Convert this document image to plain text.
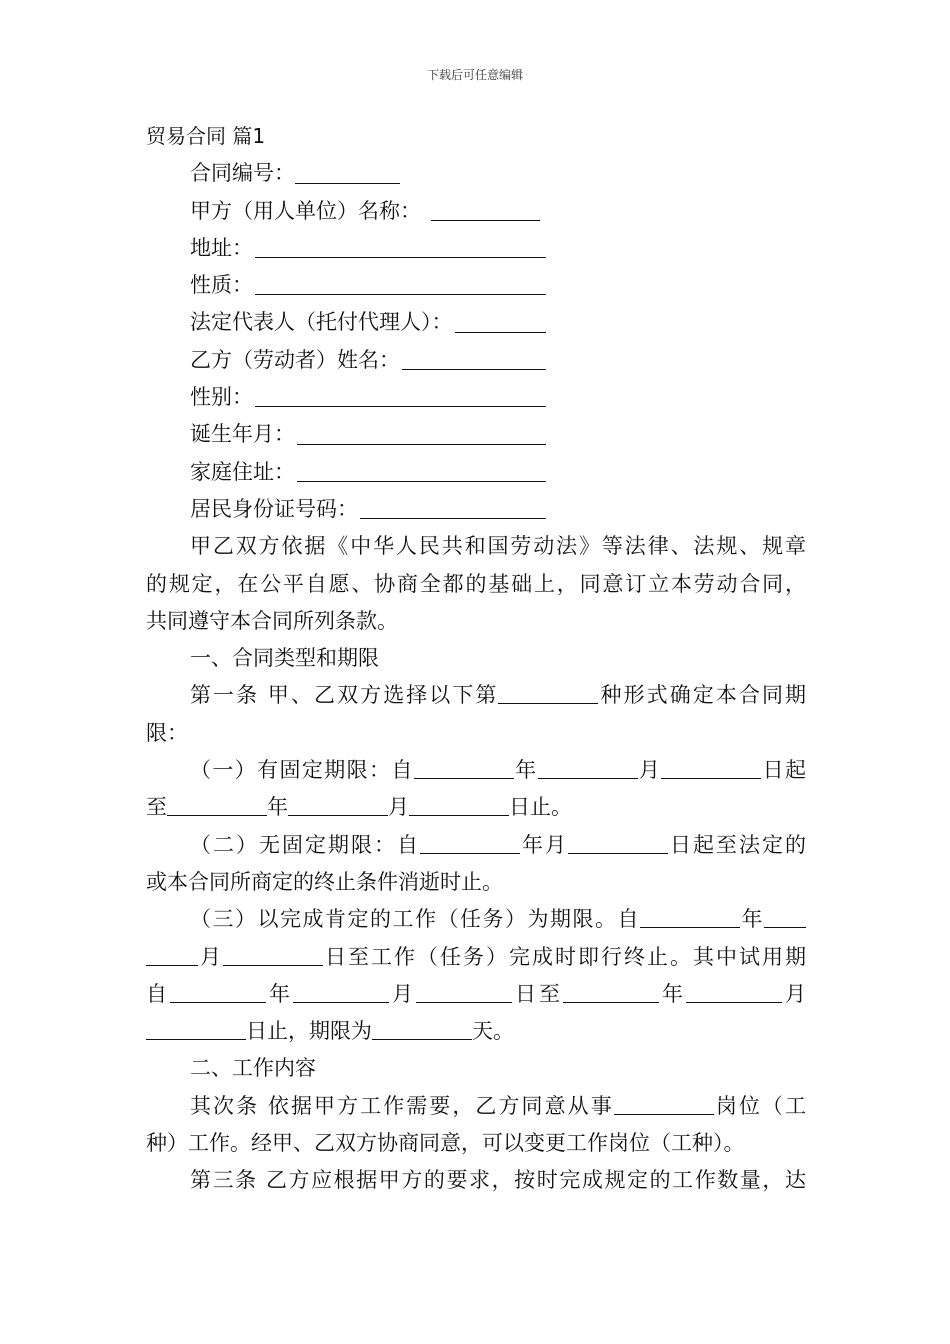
下载后可任意编辑
贸易合同 篇1
合同编号：
甲方（用人单位）名称：
地址：
性质：
法定代表人（托付代理人）：
乙方（劳动者）姓名：
性别：
诞生年月：
家庭住址：
居民身份证号码：
甲乙双方依据《中华人民共和国劳动法》等法律、法规、规章
的规定，在公平自愿、协商全都的基础上，同意订立本劳动合同，
共同遵守本合同所列条款。
一、合同类型和期限
第一条 甲、乙双方选择以下第	种形式确定本合同期
限：
（一）有固定期限：自	年	月	日起
至	年	月	日止。
（二）无固定期限：自	年月	日起至法定的
或本合同所商定的终止条件消逝时止。
（三）以完成肯定的工作（任务）为期限。自	年
月	日至工作（任务）完成时即行终止。其中试用期
自	年	月	日至	年	月
日止，期限为	天。
二、工作内容
其次条 依据甲方工作需要，乙方同意从事	岗位（工
种）工作。经甲、乙双方协商同意，可以变更工作岗位（工种）。
第三条 乙方应根据甲方的要求，按时完成规定的工作数量，达
